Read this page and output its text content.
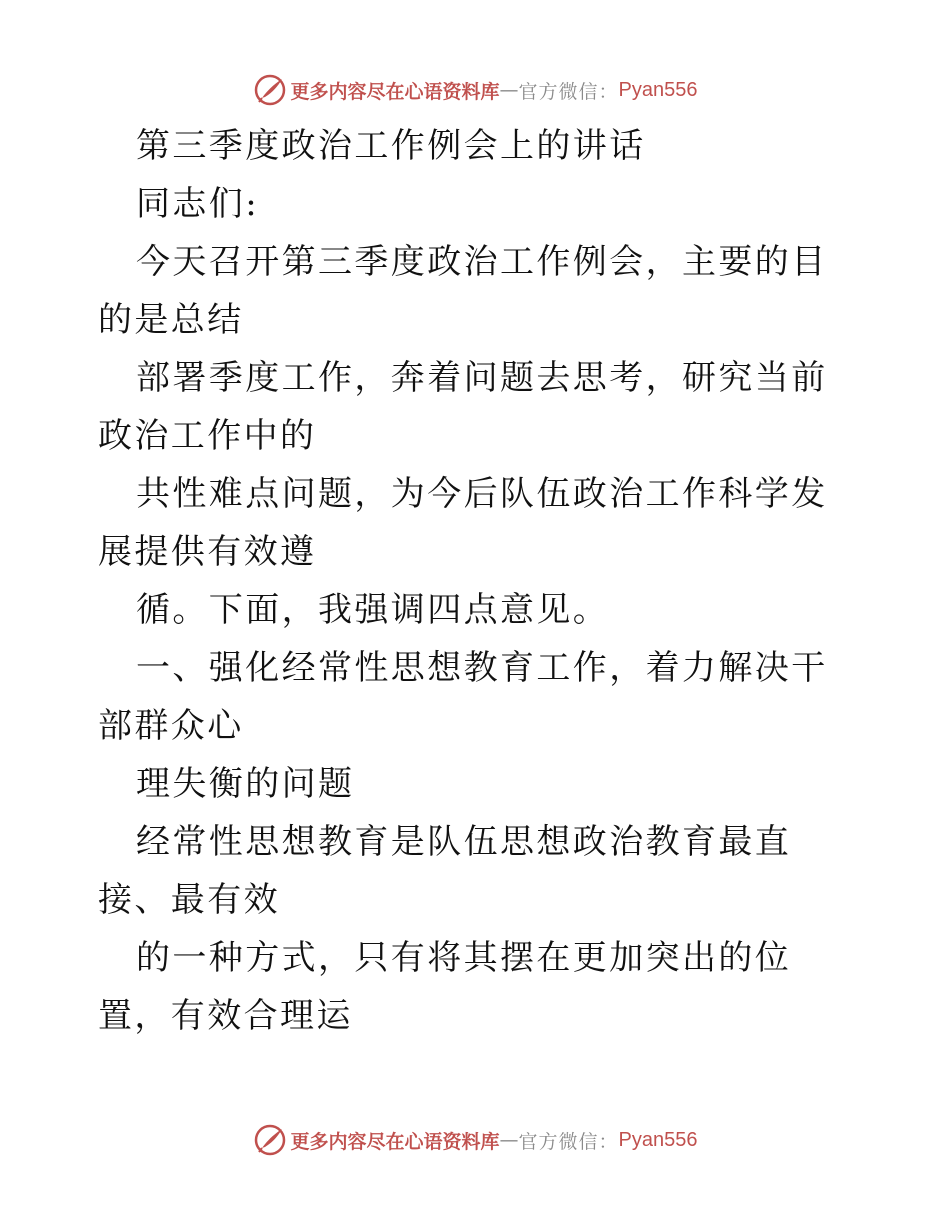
更多内容尽在心语资料库 — 官方微信： Pyan556

第三季度政治工作例会上的讲话

同志们:

今天召开第三季度政治工作例会，主要的目的是总结

部署季度工作，奔着问题去思考，研究当前政治工作中的

共性难点问题，为今后队伍政治工作科学发展提供有效遵

循。下面，我强调四点意见。

一、强化经常性思想教育工作，着力解决干部群众心

理失衡的问题

经常性思想教育是队伍思想政治教育最直接、最有效

的一种方式，只有将其摆在更加突出的位置，有效合理运

更多内容尽在心语资料库 — 官方微信： Pyan556
